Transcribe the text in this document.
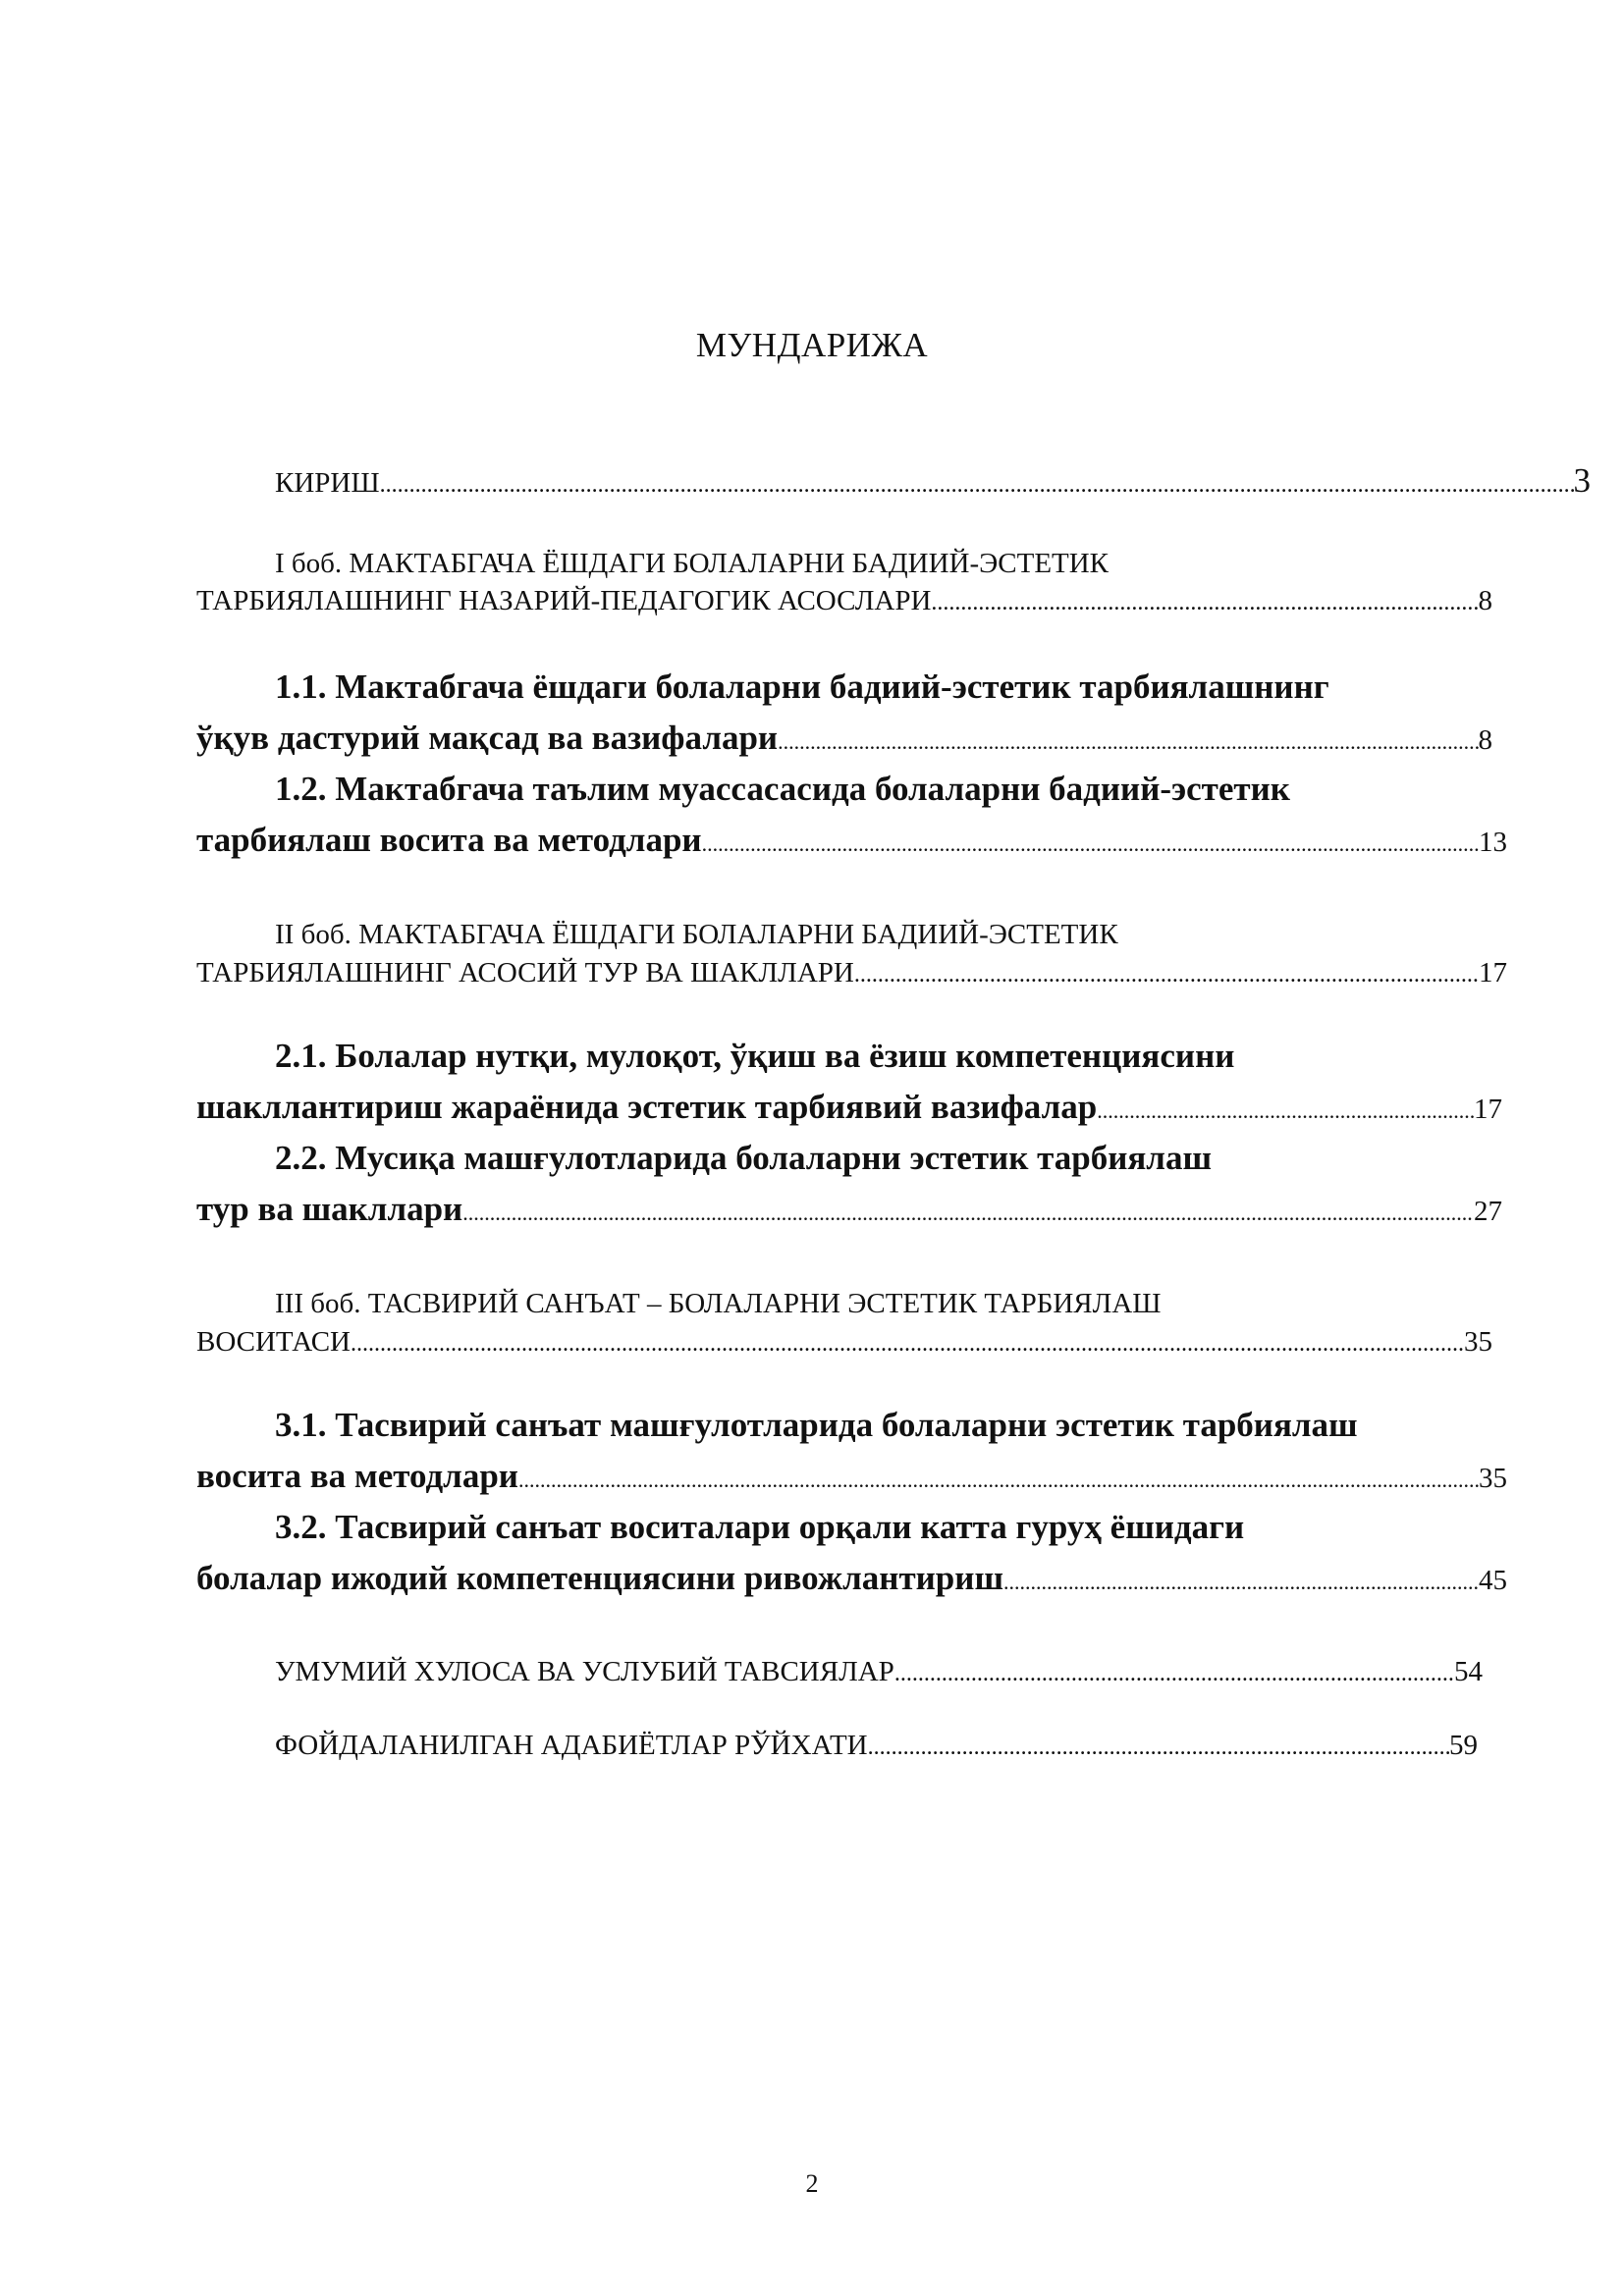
МУНДАРИЖА
КИРИШ .....	3
I боб. МАКТАБГАЧА ЁШДАГИ БОЛАЛАРНИ БАДИИЙ-ЭСТЕТИК
ТАРБИЯЛАШНИНГ НАЗАРИЙ-ПЕДАГОГИК АСОСЛАРИ .....	8
1.1. Мактабгача ёшдаги болаларни бадиий-эстетик тарбиялашнинг
ўқув дастурий мақсад ва вазифалари .....	8
1.2. Мактабгача таълим муассасасида болаларни бадиий-эстетик
тарбиялаш восита ва методлари .....	13
II боб. МАКТАБГАЧА ЁШДАГИ БОЛАЛАРНИ БАДИИЙ-ЭСТЕТИК
ТАРБИЯЛАШНИНГ АСОСИЙ ТУР ВА ШАКЛЛАРИ .....	17
2.1. Болалар нутқи, мулоқот, ўқиш ва ёзиш компетенциясини
шакллантириш жараёнида эстетик тарбиявий вазифалар .....	17
2.2. Мусиқа машғулотларида болаларни эстетик тарбиялаш
тур ва шакллари .....	27
III боб. ТАСВИРИЙ САНЪАТ – БОЛАЛАРНИ ЭСТЕТИК ТАРБИЯЛАШ
ВОСИТАСИ .....	35
3.1. Тасвирий санъат машғулотларида болаларни эстетик тарбиялаш
восита ва методлари .....	35
3.2. Тасвирий санъат воситалари орқали катта гуруҳ ёшидаги
болалар ижодий компетенциясини ривожлантириш .....	45
УМУМИЙ ХУЛОСА ВА УСЛУБИЙ ТАВСИЯЛАР .....	54
ФОЙДАЛАНИЛГАН АДАБИЁТЛАР РЎЙХАТИ .....	59
2
